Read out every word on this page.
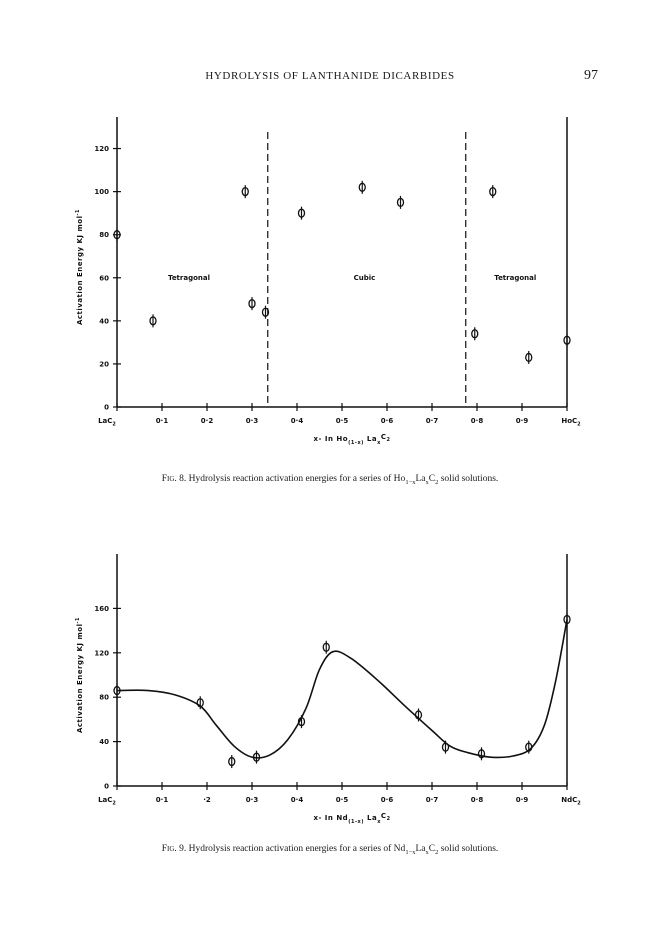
HYDROLYSIS OF LANTHANIDE DICARBIDES	97
0
20
40
60
80
100
120
LaC$_2$	0·1	0·2	0·3	0·4	0·5	0·6	0·7	0·8	0·9	HoC$_2$
Activation Energy KJ mol$^{-1}$
x- In $Ho_{(1-x)}$ $La_xC_2$
Tetragonal	Cubic	Tetragonal
0
40
80
120
160
LaC$_2$	0·1	·2	0·3	0·4	0·5	0·6	0·7	0·8	0·9	NdC$_2$
Activation Energy KJ mol$^{-1}$
x- In $Nd_{(1-x)}$ $La_xC_2$
Fig. 8. Hydrolysis reaction activation energies for a series of $Ho_{1-x}La_xC_2$ solid solutions.
Fig. 9. Hydrolysis reaction activation energies for a series of $Nd_{1-x}La_xC_2$ solid solutions.
